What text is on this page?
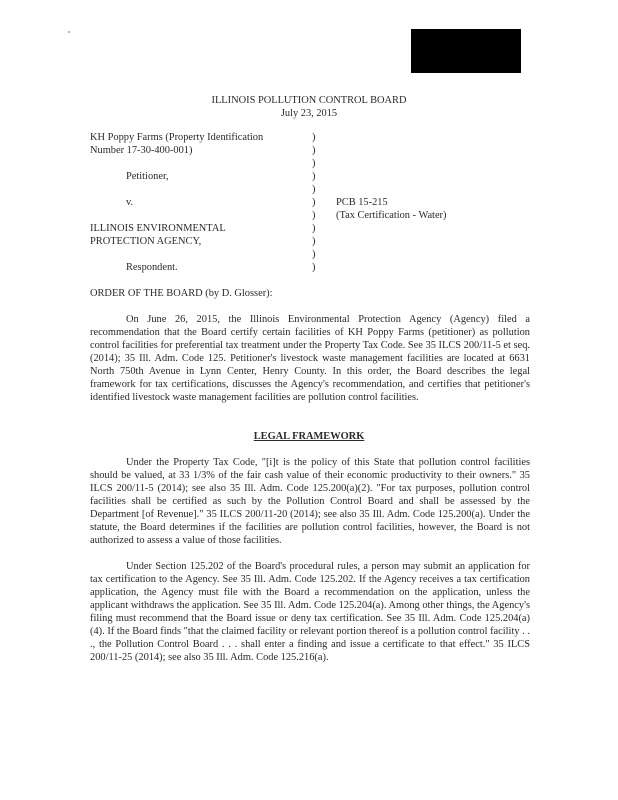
ILLINOIS POLLUTION CONTROL BOARD
July 23, 2015
KH Poppy Farms (Property Identification
Number 17-30-400-001)
Petitioner,
v.
ILLINOIS ENVIRONMENTAL
PROTECTION AGENCY,
Respondent.
)
)
)
)
)
)
)
)
)
)
)
PCB 15-215
(Tax Certification - Water)
ORDER OF THE BOARD (by D. Glosser):

On June 26, 2015, the Illinois Environmental Protection Agency (Agency) filed a recommendation that the Board certify certain facilities of KH Poppy Farms (petitioner) as pollution control facilities for preferential tax treatment under the Property Tax Code. See 35 ILCS 200/11-5 et seq. (2014); 35 Ill. Adm. Code 125. Petitioner's livestock waste management facilities are located at 6631 North 750th Avenue in Lynn Center, Henry County. In this order, the Board describes the legal framework for tax certifications, discusses the Agency's recommendation, and certifies that petitioner's identified livestock waste management facilities are pollution control facilities.

LEGAL FRAMEWORK

Under the Property Tax Code, "[i]t is the policy of this State that pollution control facilities should be valued, at 33 1/3% of the fair cash value of their economic productivity to their owners." 35 ILCS 200/11-5 (2014); see also 35 Ill. Adm. Code 125.200(a)(2). "For tax purposes, pollution control facilities shall be certified as such by the Pollution Control Board and shall be assessed by the Department [of Revenue]." 35 ILCS 200/11-20 (2014); see also 35 Ill. Adm. Code 125.200(a). Under the statute, the Board determines if the facilities are pollution control facilities, however, the Board is not authorized to assess a value of those facilities.

Under Section 125.202 of the Board's procedural rules, a person may submit an application for tax certification to the Agency. See 35 Ill. Adm. Code 125.202. If the Agency receives a tax certification application, the Agency must file with the Board a recommendation on the application, unless the applicant withdraws the application. See 35 Ill. Adm. Code 125.204(a). Among other things, the Agency's filing must recommend that the Board issue or deny tax certification. See 35 Ill. Adm. Code 125.204(a)(4). If the Board finds "that the claimed facility or relevant portion thereof is a pollution control facility . . ., the Pollution Control Board . . . shall enter a finding and issue a certificate to that effect." 35 ILCS 200/11-25 (2014); see also 35 Ill. Adm. Code 125.216(a).
